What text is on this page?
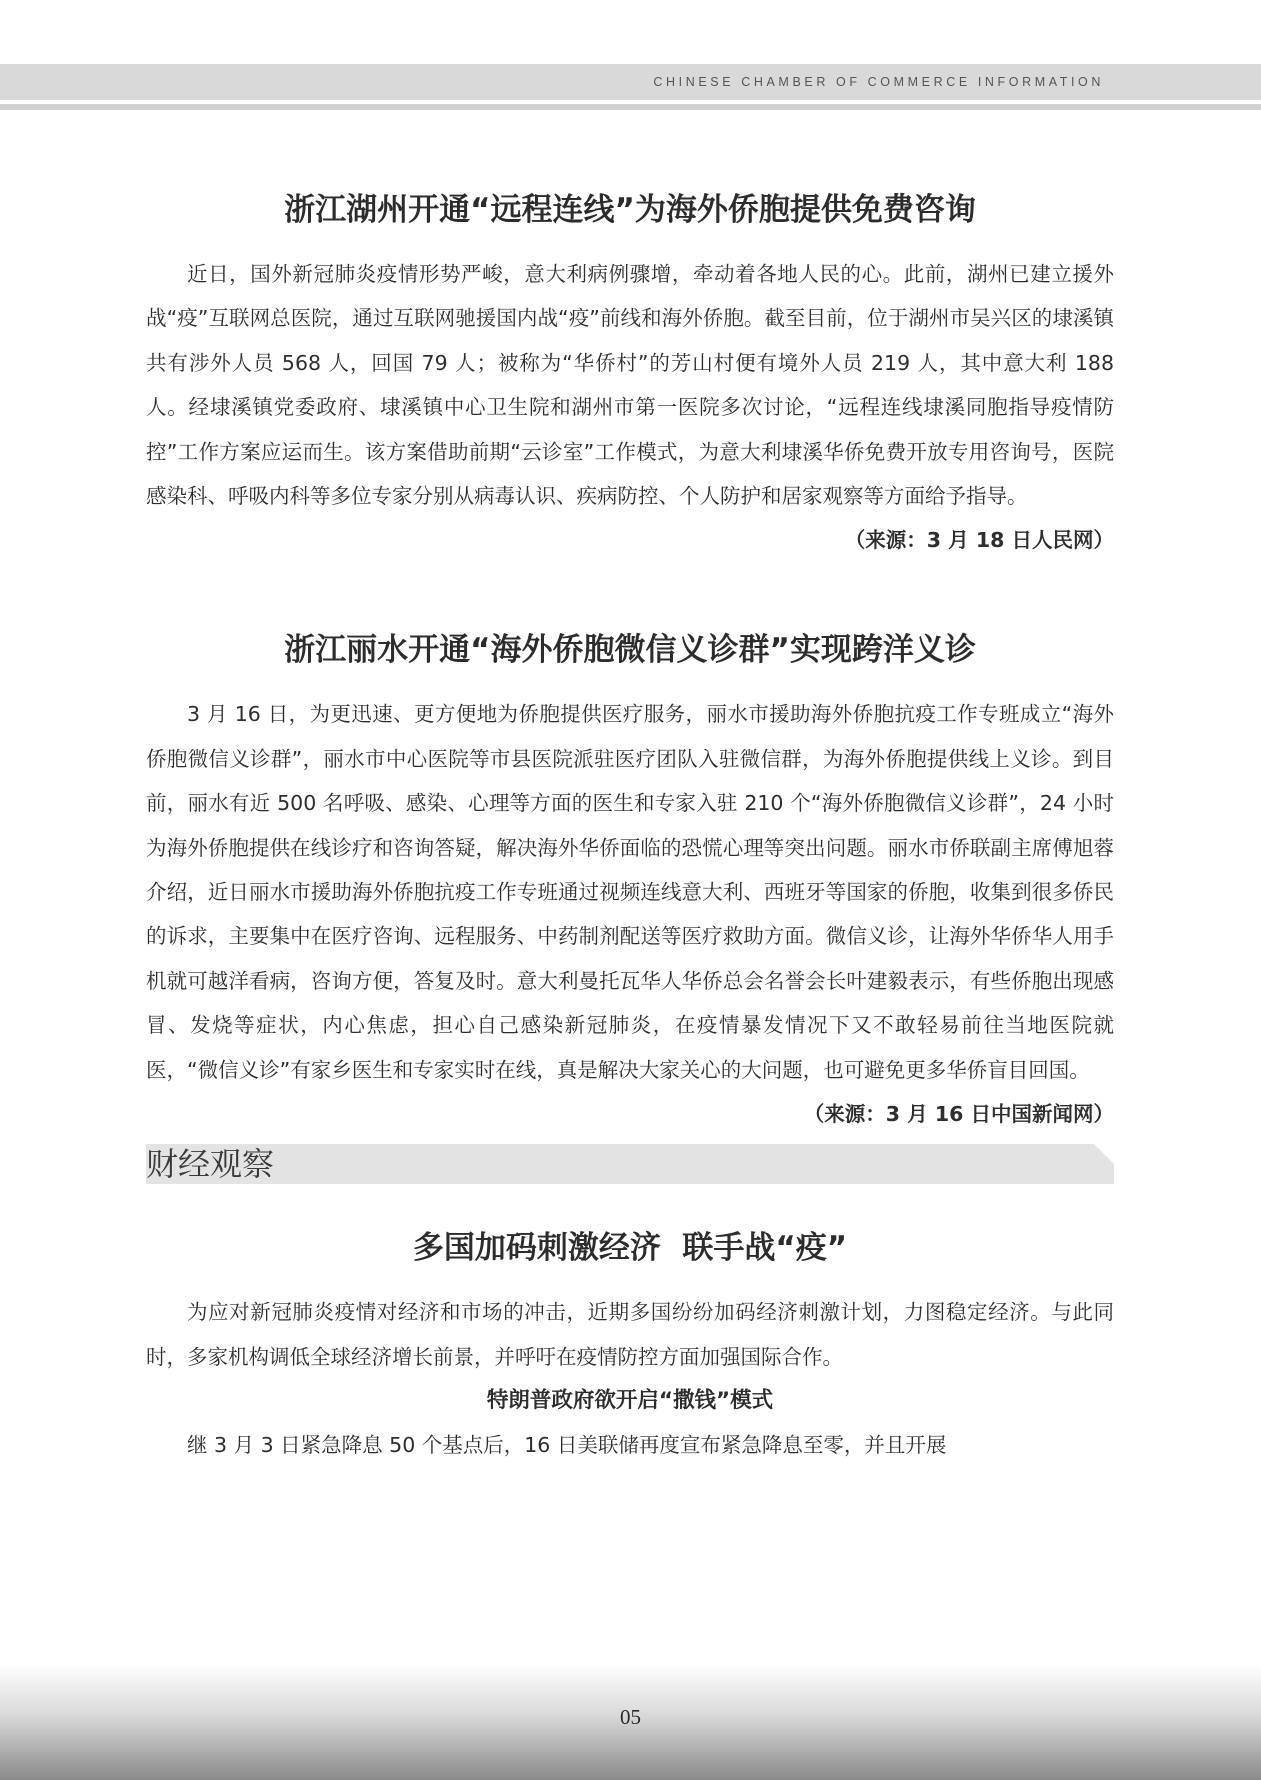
CHINESE CHAMBER OF COMMERCE INFORMATION
浙江湖州开通“远程连线”为海外侨胞提供免费咨询

近日，国外新冠肺炎疫情形势严峻，意大利病例骤增，牵动着各地人民的心。此前，湖州已建立援外战“疫”互联网总医院，通过互联网驰援国内战“疫”前线和海外侨胞。截至目前，位于湖州市吴兴区的埭溪镇共有涉外人员 568 人，回国 79 人；被称为“华侨村”的芳山村便有境外人员 219 人，其中意大利 188 人。经埭溪镇党委政府、埭溪镇中心卫生院和湖州市第一医院多次讨论，“远程连线埭溪同胞指导疫情防控”工作方案应运而生。该方案借助前期“云诊室”工作模式，为意大利埭溪华侨免费开放专用咨询号，医院感染科、呼吸内科等多位专家分别从病毒认识、疾病防控、个人防护和居家观察等方面给予指导。

（来源：3 月 18 日人民网）
浙江丽水开通“海外侨胞微信义诊群”实现跨洋义诊

3 月 16 日，为更迅速、更方便地为侨胞提供医疗服务，丽水市援助海外侨胞抗疫工作专班成立“海外侨胞微信义诊群”，丽水市中心医院等市县医院派驻医疗团队入驻微信群，为海外侨胞提供线上义诊。到目前，丽水有近 500 名呼吸、感染、心理等方面的医生和专家入驻 210 个“海外侨胞微信义诊群”，24 小时为海外侨胞提供在线诊疗和咨询答疑，解决海外华侨面临的恐慌心理等突出问题。丽水市侨联副主席傅旭蓉介绍，近日丽水市援助海外侨胞抗疫工作专班通过视频连线意大利、西班牙等国家的侨胞，收集到很多侨民的诉求，主要集中在医疗咨询、远程服务、中药制剂配送等医疗救助方面。微信义诊，让海外华侨华人用手机就可越洋看病，咨询方便，答复及时。意大利曼托瓦华人华侨总会名誉会长叶建毅表示，有些侨胞出现感冒、发烧等症状，内心焦虑，担心自己感染新冠肺炎，在疫情暴发情况下又不敢轻易前往当地医院就医，“微信义诊”有家乡医生和专家实时在线，真是解决大家关心的大问题，也可避免更多华侨盲目回国。
（来源：3 月 16 日中国新闻网）

财经观察
多国加码刺激经济  联手战“疫”

为应对新冠肺炎疫情对经济和市场的冲击，近期多国纷纷加码经济刺激计划，力图稳定经济。与此同时，多家机构调低全球经济增长前景，并呼吁在疫情防控方面加强国际合作。

特朗普政府欲开启“撒钱”模式

继 3 月 3 日紧急降息 50 个基点后，16 日美联储再度宣布紧急降息至零，并且开展

05
